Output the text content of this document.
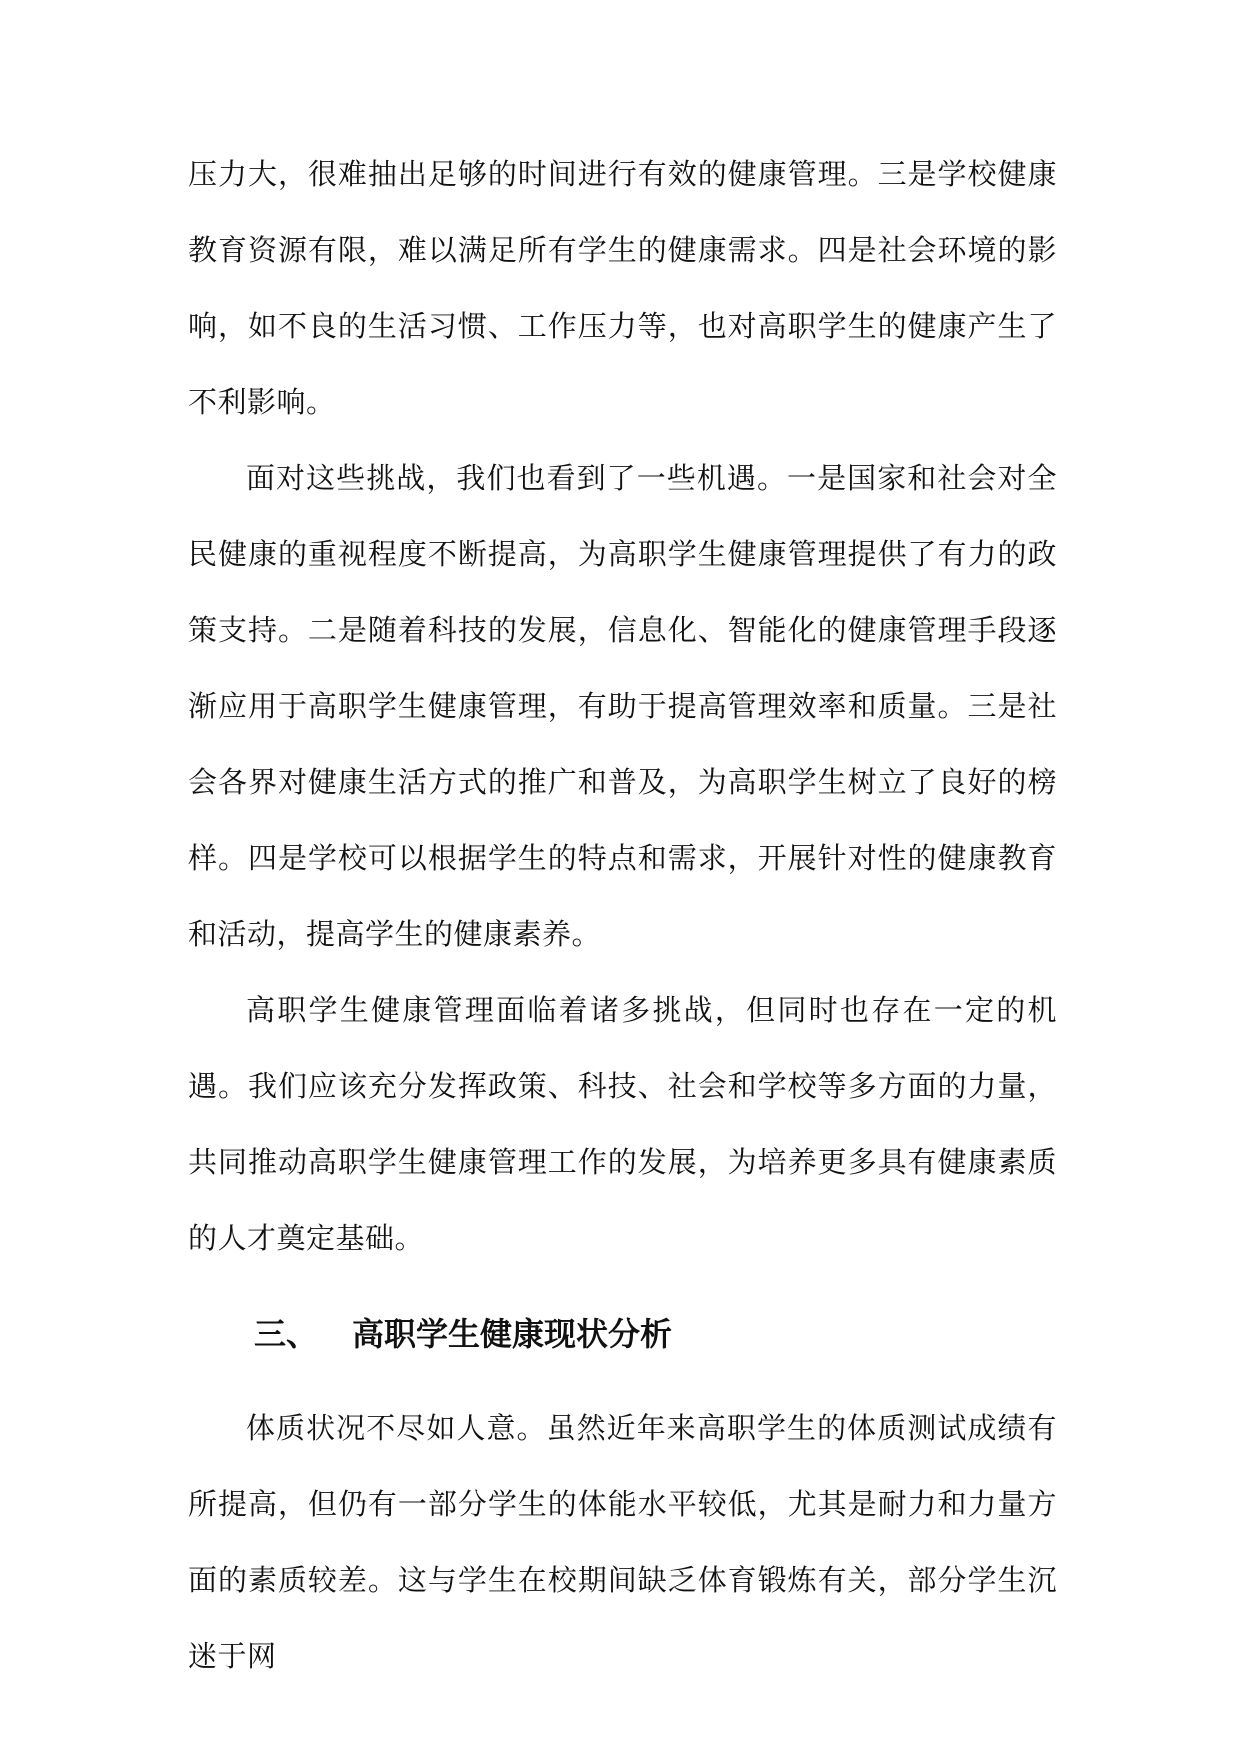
压力大，很难抽出足够的时间进行有效的健康管理。三是学校健康教育资源有限，难以满足所有学生的健康需求。四是社会环境的影响，如不良的生活习惯、工作压力等，也对高职学生的健康产生了不利影响。

面对这些挑战，我们也看到了一些机遇。一是国家和社会对全民健康的重视程度不断提高，为高职学生健康管理提供了有力的政策支持。二是随着科技的发展，信息化、智能化的健康管理手段逐渐应用于高职学生健康管理，有助于提高管理效率和质量。三是社会各界对健康生活方式的推广和普及，为高职学生树立了良好的榜样。四是学校可以根据学生的特点和需求，开展针对性的健康教育和活动，提高学生的健康素养。

高职学生健康管理面临着诸多挑战，但同时也存在一定的机遇。我们应该充分发挥政策、科技、社会和学校等多方面的力量，共同推动高职学生健康管理工作的发展，为培养更多具有健康素质的人才奠定基础。

三、 高职学生健康现状分析

体质状况不尽如人意。虽然近年来高职学生的体质测试成绩有所提高，但仍有一部分学生的体能水平较低，尤其是耐力和力量方面的素质较差。这与学生在校期间缺乏体育锻炼有关，部分学生沉迷于网
